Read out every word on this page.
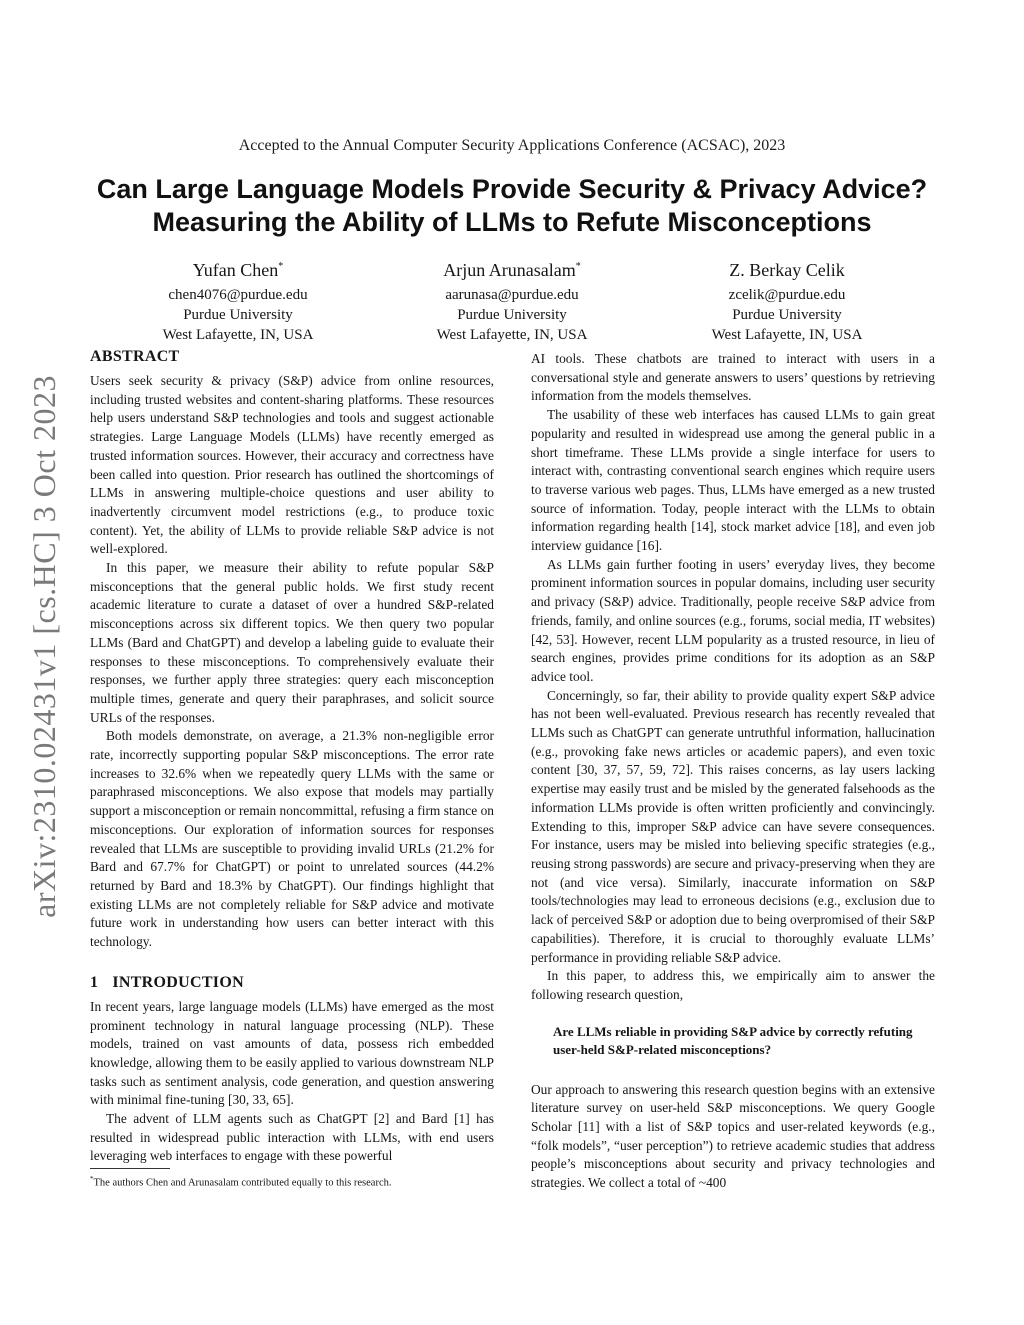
arXiv:2310.02431v1 [cs.HC] 3 Oct 2023
Accepted to the Annual Computer Security Applications Conference (ACSAC), 2023
Can Large Language Models Provide Security & Privacy Advice?
Measuring the Ability of LLMs to Refute Misconceptions
Yufan Chen*
chen4076@purdue.edu
Purdue University
West Lafayette, IN, USA
Arjun Arunasalam*
aarunasa@purdue.edu
Purdue University
West Lafayette, IN, USA
Z. Berkay Celik
zcelik@purdue.edu
Purdue University
West Lafayette, IN, USA
ABSTRACT

Users seek security & privacy (S&P) advice from online resources, including trusted websites and content-sharing platforms. These resources help users understand S&P technologies and tools and suggest actionable strategies. Large Language Models (LLMs) have recently emerged as trusted information sources. However, their accuracy and correctness have been called into question. Prior research has outlined the shortcomings of LLMs in answering multiple-choice questions and user ability to inadvertently circumvent model restrictions (e.g., to produce toxic content). Yet, the ability of LLMs to provide reliable S&P advice is not well-explored.

In this paper, we measure their ability to refute popular S&P misconceptions that the general public holds. We first study recent academic literature to curate a dataset of over a hundred S&P-related misconceptions across six different topics. We then query two popular LLMs (Bard and ChatGPT) and develop a labeling guide to evaluate their responses to these misconceptions. To comprehensively evaluate their responses, we further apply three strategies: query each misconception multiple times, generate and query their paraphrases, and solicit source URLs of the responses.

Both models demonstrate, on average, a 21.3% non-negligible error rate, incorrectly supporting popular S&P misconceptions. The error rate increases to 32.6% when we repeatedly query LLMs with the same or paraphrased misconceptions. We also expose that models may partially support a misconception or remain noncommittal, refusing a firm stance on misconceptions. Our exploration of information sources for responses revealed that LLMs are susceptible to providing invalid URLs (21.2% for Bard and 67.7% for ChatGPT) or point to unrelated sources (44.2% returned by Bard and 18.3% by ChatGPT). Our findings highlight that existing LLMs are not completely reliable for S&P advice and motivate future work in understanding how users can better interact with this technology.

1 INTRODUCTION

In recent years, large language models (LLMs) have emerged as the most prominent technology in natural language processing (NLP). These models, trained on vast amounts of data, possess rich embedded knowledge, allowing them to be easily applied to various downstream NLP tasks such as sentiment analysis, code generation, and question answering with minimal fine-tuning [30, 33, 65].

The advent of LLM agents such as ChatGPT [2] and Bard [1] has resulted in widespread public interaction with LLMs, with end users leveraging web interfaces to engage with these powerful

*The authors Chen and Arunasalam contributed equally to this research.

AI tools. These chatbots are trained to interact with users in a conversational style and generate answers to users’ questions by retrieving information from the models themselves.

The usability of these web interfaces has caused LLMs to gain great popularity and resulted in widespread use among the general public in a short timeframe. These LLMs provide a single interface for users to interact with, contrasting conventional search engines which require users to traverse various web pages. Thus, LLMs have emerged as a new trusted source of information. Today, people interact with the LLMs to obtain information regarding health [14], stock market advice [18], and even job interview guidance [16].

As LLMs gain further footing in users’ everyday lives, they become prominent information sources in popular domains, including user security and privacy (S&P) advice. Traditionally, people receive S&P advice from friends, family, and online sources (e.g., forums, social media, IT websites) [42, 53]. However, recent LLM popularity as a trusted resource, in lieu of search engines, provides prime conditions for its adoption as an S&P advice tool.

Concerningly, so far, their ability to provide quality expert S&P advice has not been well-evaluated. Previous research has recently revealed that LLMs such as ChatGPT can generate untruthful information, hallucination (e.g., provoking fake news articles or academic papers), and even toxic content [30, 37, 57, 59, 72]. This raises concerns, as lay users lacking expertise may easily trust and be misled by the generated falsehoods as the information LLMs provide is often written proficiently and convincingly. Extending to this, improper S&P advice can have severe consequences. For instance, users may be misled into believing specific strategies (e.g., reusing strong passwords) are secure and privacy-preserving when they are not (and vice versa). Similarly, inaccurate information on S&P tools/technologies may lead to erroneous decisions (e.g., exclusion due to lack of perceived S&P or adoption due to being overpromised of their S&P capabilities). Therefore, it is crucial to thoroughly evaluate LLMs’ performance in providing reliable S&P advice.

In this paper, to address this, we empirically aim to answer the following research question,

Are LLMs reliable in providing S&P advice by correctly refuting user-held S&P-related misconceptions?

Our approach to answering this research question begins with an extensive literature survey on user-held S&P misconceptions. We query Google Scholar [11] with a list of S&P topics and user-related keywords (e.g., “folk models”, “user perception”) to retrieve academic studies that address people’s misconceptions about security and privacy technologies and strategies. We collect a total of ~400
